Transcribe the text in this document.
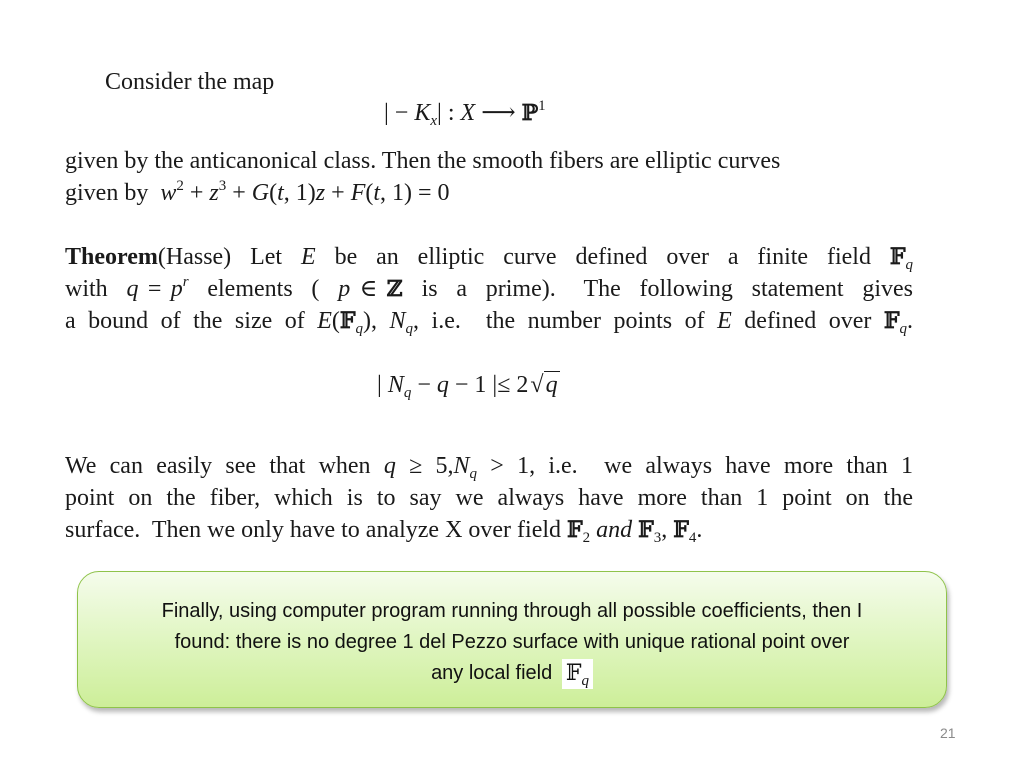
Consider the map
| − $K_x|$ : X ⟶ ℙ$^1$
given by the anticanonical class. Then the smooth fibers are elliptic curves
given by $w^2 + z^3 + G(t$, 1)z + F(t, 1) = 0
Theorem(Hasse)  Let  E  be  an  elliptic  curve  defined  over  a  finite  field  𝔽$_q$
with  $q = p^r$  elements  (  p ∈ ℤ  is  a  prime).   The  following  statement  gives
a bound of the size of E(𝔽$_q$), $N_q$, i.e.  the number points of E defined over 𝔽$_q$.
| $N_q - q - 1$ |≤ 2√q
We can easily see that when $q \ge 5,N_q > 1$, i.e.  we always have more than 1
point on the fiber, which is to say we always have more than 1 point on the
surface.  Then we only have to analyze X over field 𝔽$_2$ and 𝔽$_3$, 𝔽$_4$.
Finally, using computer program running through all possible coefficients, then I
found: there is no degree 1 del Pezzo surface with unique rational point over
any local field 𝔽$_q$
21
